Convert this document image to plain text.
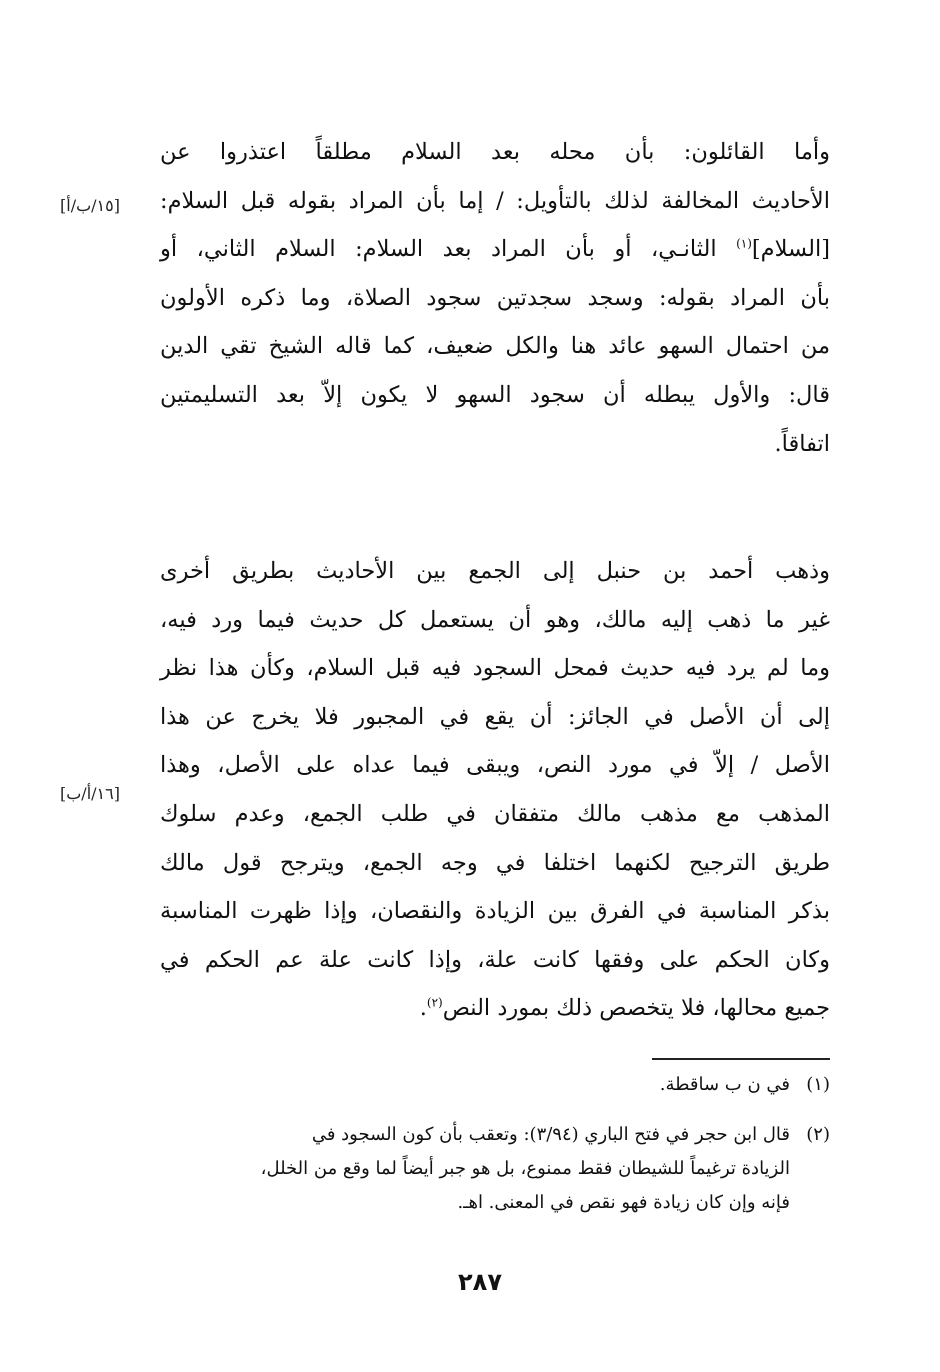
[١٥/ب/أ]
[١٦/أ/ب]
وأما القائلون: بأن محله بعد السلام مطلقاً اعتذروا عن
الأحاديث المخالفة لذلك بالتأويل: / إما بأن المراد بقوله قبل السلام:
[السلام]$^{(١)}$ الثانـي، أو بأن المراد بعد السلام: السلام الثاني، أو
بأن المراد بقوله: وسجد سجدتين سجود الصلاة، وما ذكره الأولون
من احتمال السهو عائد هنا والكل ضعيف، كما قاله الشيخ تقي الدين
قال: والأول يبطله أن سجود السهو لا يكون إلاّ بعد التسليمتين
اتفاقاً.
وذهب أحمد بن حنبل إلى الجمع بين الأحاديث بطريق أخرى
غير ما ذهب إليه مالك، وهو أن يستعمل كل حديث فيما ورد فيه،
وما لم يرد فيه حديث فمحل السجود فيه قبل السلام، وكأن هذا نظر
إلى أن الأصل في الجائز: أن يقع في المجبور فلا يخرج عن هذا
الأصل / إلاّ في مورد النص، ويبقى فيما عداه على الأصل، وهذا
المذهب مع مذهب مالك متفقان في طلب الجمع، وعدم سلوك
طريق الترجيح لكنهما اختلفا في وجه الجمع، ويترجح قول مالك
بذكر المناسبة في الفرق بين الزيادة والنقصان، وإذا ظهرت المناسبة
وكان الحكم على وفقها كانت علة، وإذا كانت علة عم الحكم في
جميع محالها، فلا يتخصص ذلك بمورد النص$^{(٢)}$.
(١)
في ن ب ساقطة.
(٢)
قال ابن حجر في فتح الباري (٣/٩٤): وتعقب بأن كون السجود في
الزيادة ترغيماً للشيطان فقط ممنوع، بل هو جبر أيضاً لما وقع من الخلل،
فإنه وإن كان زيادة فهو نقص في المعنى. اهـ.
٢٨٧
